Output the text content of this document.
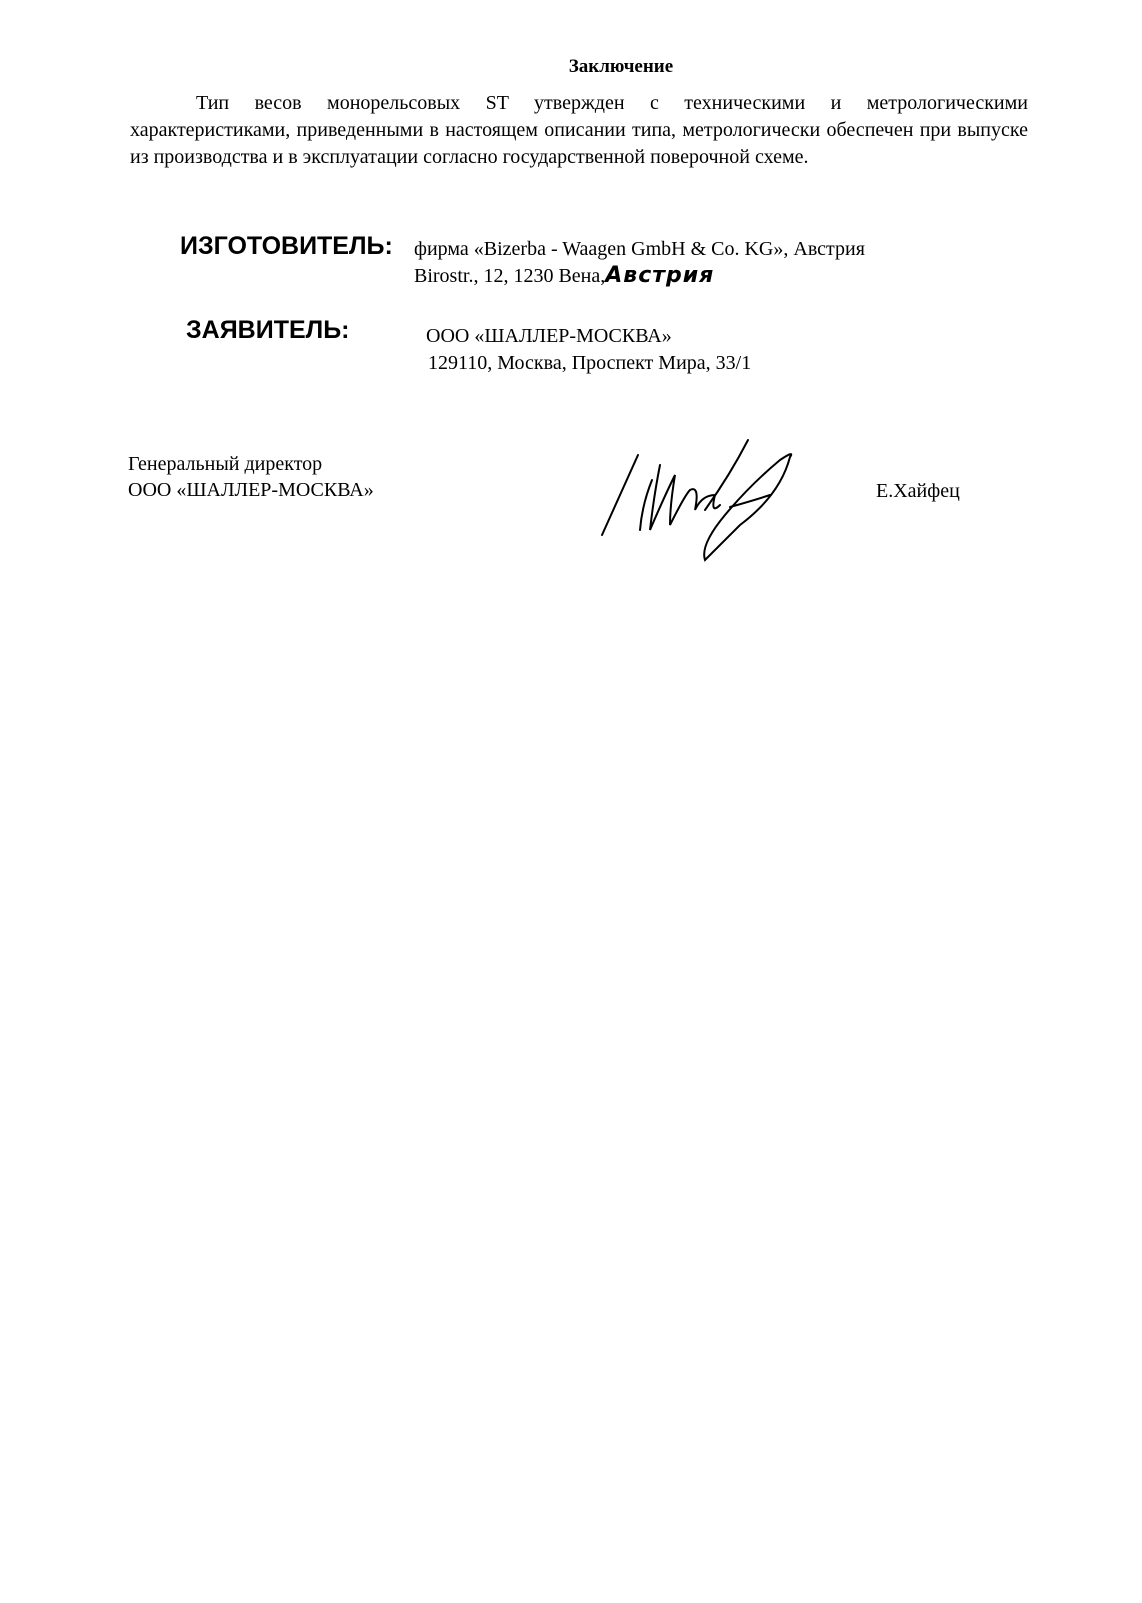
Заключение
Тип весов монорельсовых ST утвержден с техническими и метрологическими характеристиками, приведенными в настоящем описании типа, метрологически обеспечен при выпуске из производства и в эксплуатации согласно государственной поверочной схеме.
ИЗГОТОВИТЕЛЬ: фирма «Bizerba - Waagen GmbH & Co. KG», Австрия
Birostr., 12, 1230 Вена,Австрия
ЗАЯВИТЕЛЬ:	ООО «ШАЛЛЕР-МОСКВА»
129110, Москва, Проспект Мира, 33/1
Генеральный директор
ООО «ШАЛЛЕР-МОСКВА»	Е.Хайфец
